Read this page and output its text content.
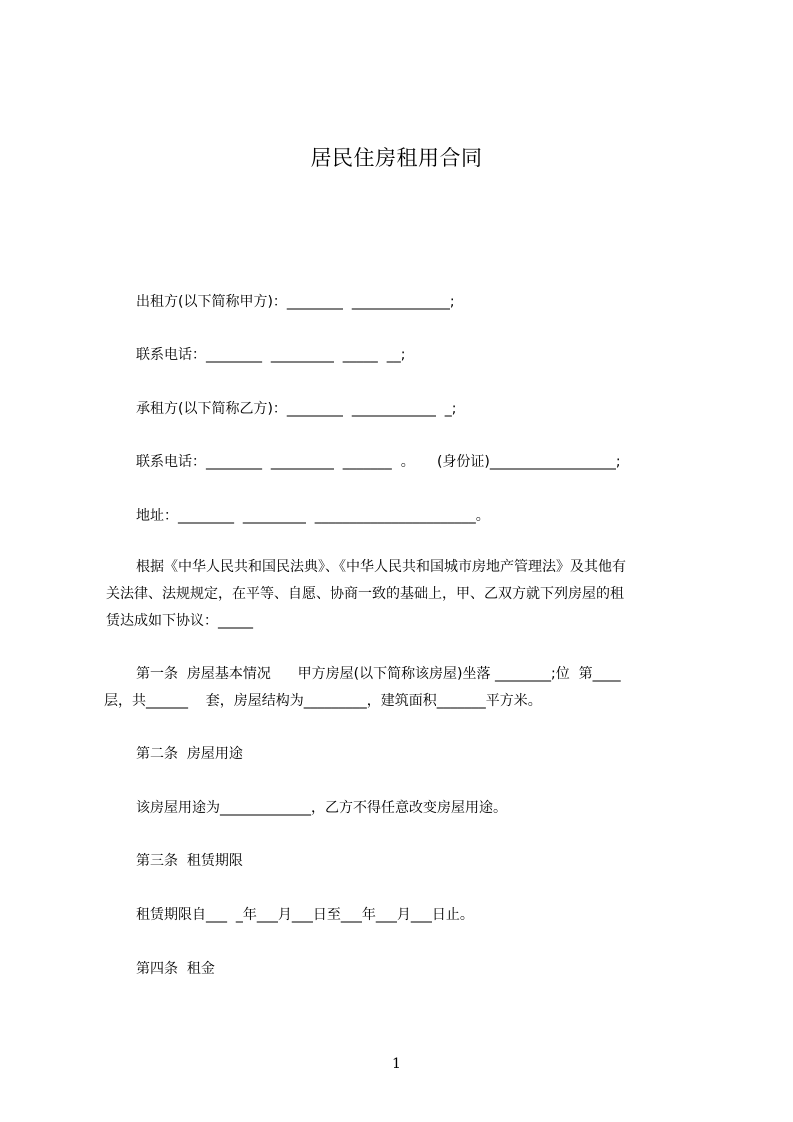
居民住房租用合同
出租方(以下简称甲方)：________  ______________;
联系电话：________  _________  _____  __;
承租方(以下简称乙方)：________  ____________  _;
联系电话：________  _________  _______  。     (身份证)__________________;
地址：________  _________  _______________________。
根据《中华人民共和国民法典》、《中华人民共和国城市房地产管理法》及其他有
关法律、法规规定，在平等、自愿、协商一致的基础上，甲、乙双方就下列房屋的租
赁达成如下协议：_____
第一条  房屋基本情况      甲方房屋(以下简称该房屋)坐落 ________;位  第____
层，共______    套，房屋结构为_________，建筑面积_______平方米。
第二条  房屋用途
该房屋用途为_____________，乙方不得任意改变房屋用途。
第三条  租赁期限
租赁期限自___  _年___月___日至___年___月___日止。
第四条  租金
1
